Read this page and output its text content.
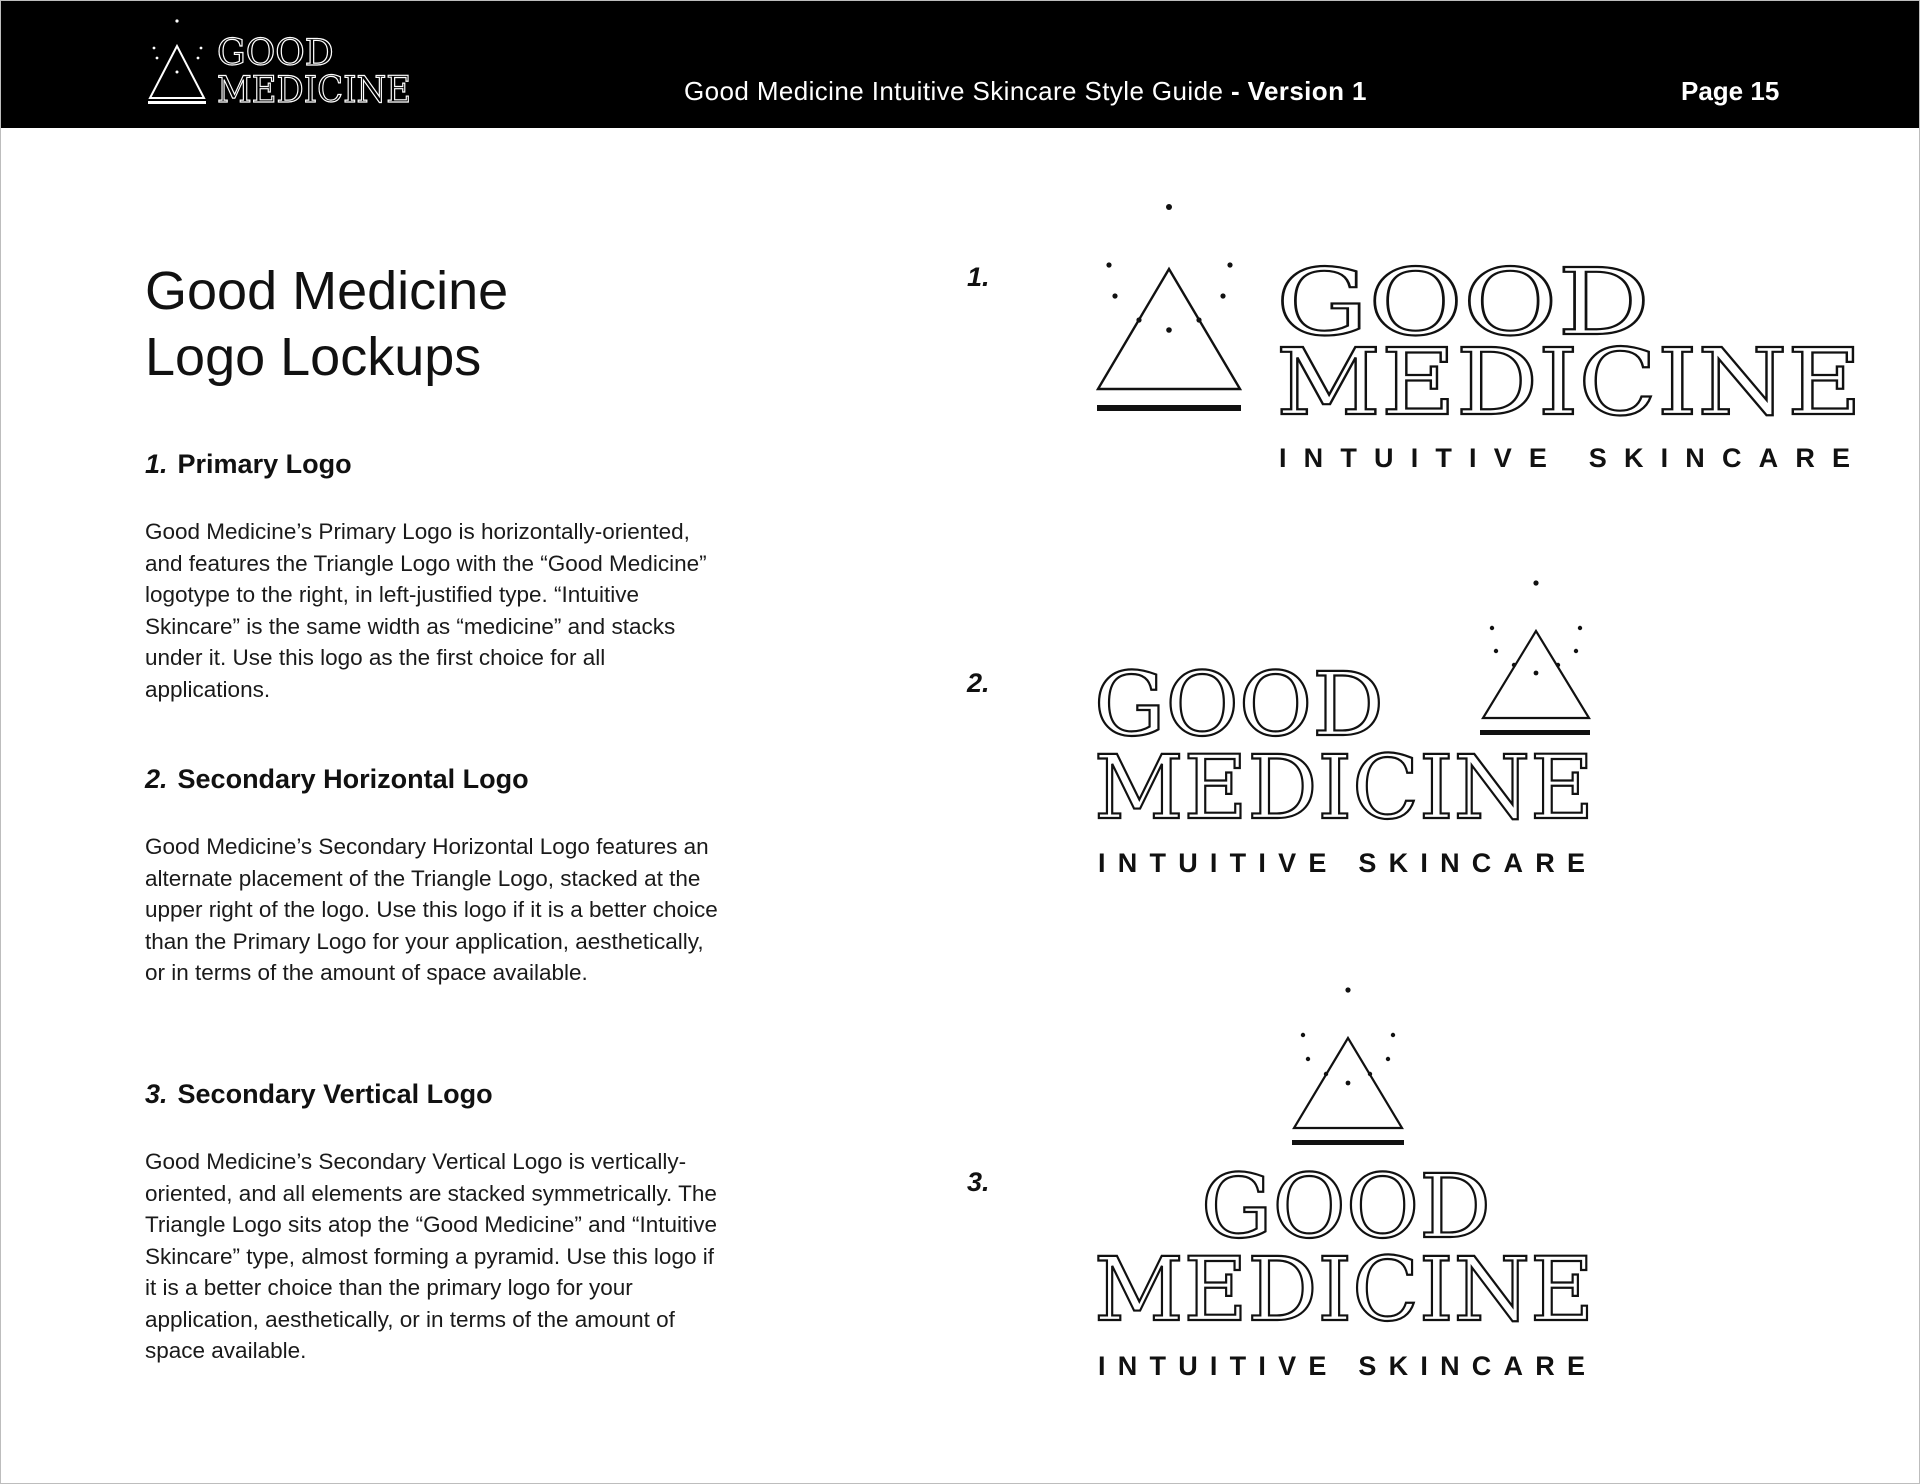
GOOD
MEDICINE	Good Medicine Intuitive Skincare Style Guide - Version 1	Page 15
Good Medicine
Logo Lockups
1. Primary Logo

Good Medicine’s Primary Logo is horizontally-oriented, and features the Triangle Logo with the “Good Medicine” logotype to the right, in left-justified type. “Intuitive Skincare” is the same width as “medicine” and stacks under it. Use this logo as the first choice for all applications.

2. Secondary Horizontal Logo

Good Medicine’s Secondary Horizontal Logo features an alternate placement of the Triangle Logo, stacked at the upper right of the logo. Use this logo if it is a better choice than the Primary Logo for your application, aesthetically, or in terms of the amount of space available.

3. Secondary Vertical Logo

Good Medicine’s Secondary Vertical Logo is vertically-oriented, and all elements are stacked symmetrically. The Triangle Logo sits atop the “Good Medicine” and “Intuitive Skincare” type, almost forming a pyramid. Use this logo if it is a better choice than the primary logo for your application, aesthetically, or in terms of the amount of space available.

1.	GOOD
MEDICINE
INTUITIVE SKINCARE
2. GOOD
MEDICINE
INTUITIVE SKINCARE
3. GOOD
MEDICINE
INTUITIVE SKINCARE
